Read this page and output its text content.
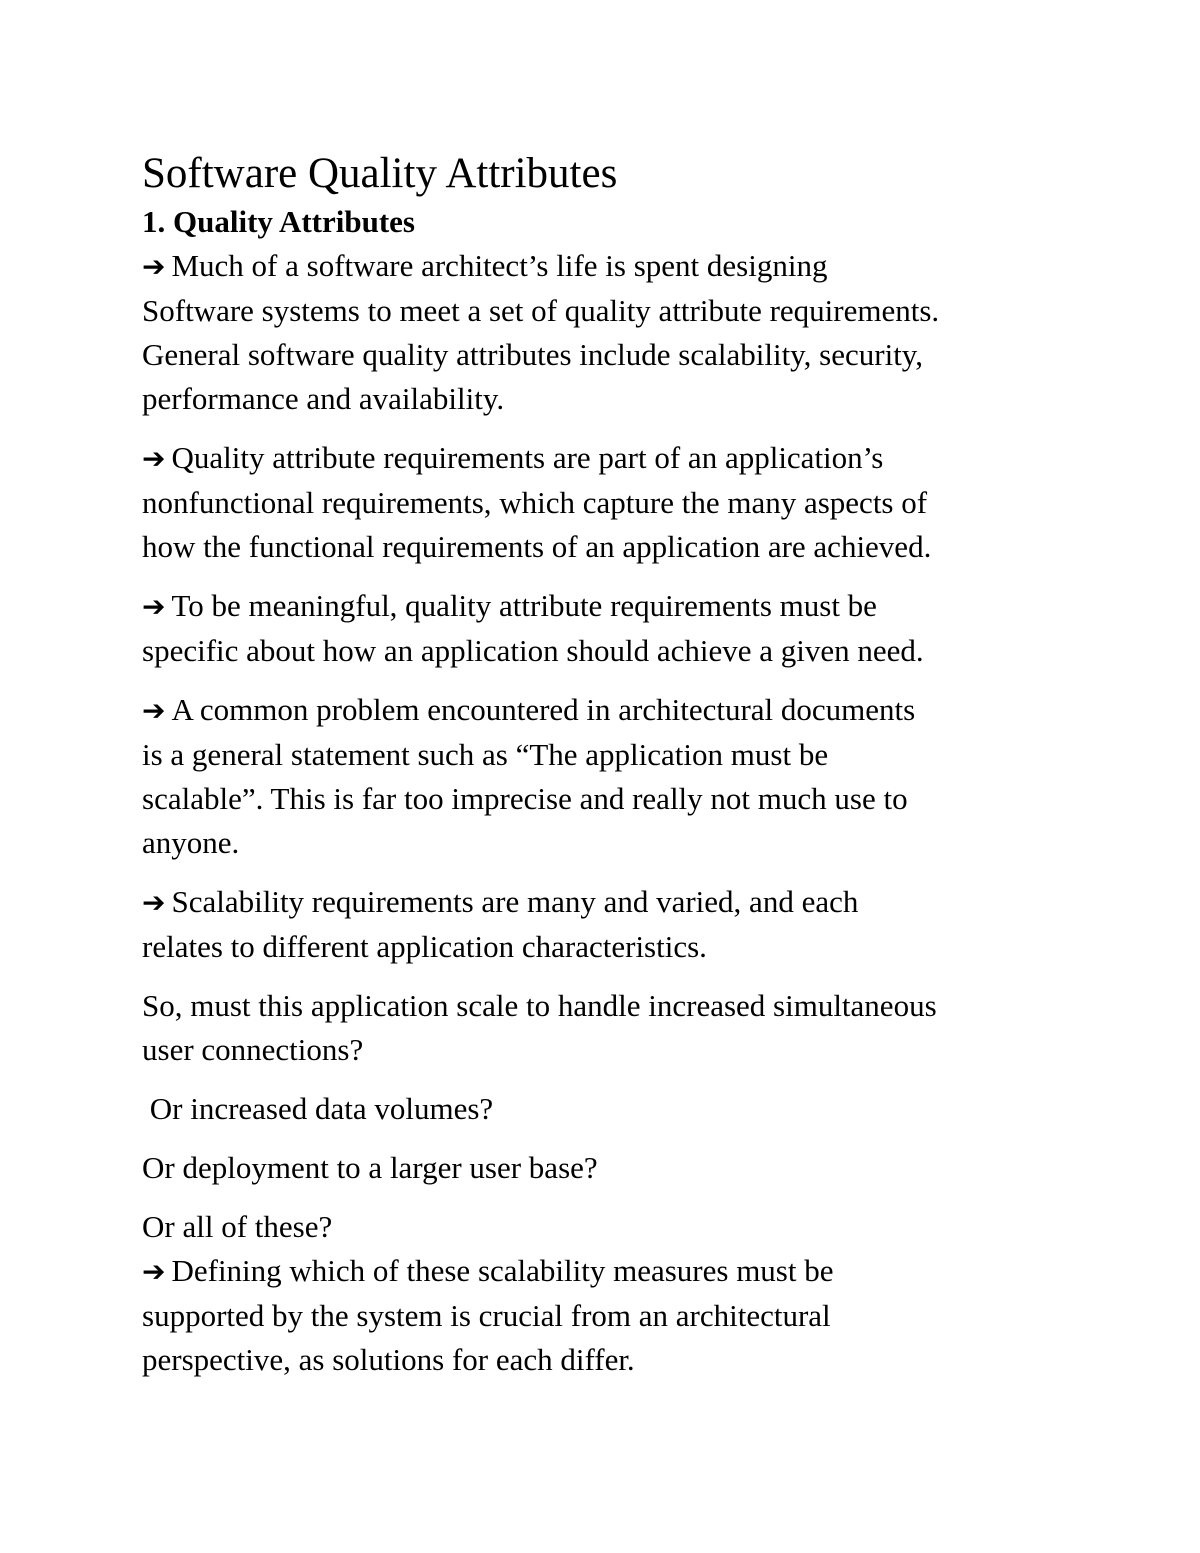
Software Quality Attributes
1. Quality Attributes

➔ Much of a software architect’s life is spent designing
Software systems to meet a set of quality attribute requirements.
General software quality attributes include scalability, security,
performance and availability.

➔ Quality attribute requirements are part of an application’s
nonfunctional requirements, which capture the many aspects of
how the functional requirements of an application are achieved.

➔ To be meaningful, quality attribute requirements must be
specific about how an application should achieve a given need.

➔ A common problem encountered in architectural documents
is a general statement such as “The application must be
scalable”. This is far too imprecise and really not much use to
anyone.

➔ Scalability requirements are many and varied, and each
relates to different application characteristics.

So, must this application scale to handle increased simultaneous
user connections?

Or increased data volumes?

Or deployment to a larger user base?

Or all of these?

➔ Defining which of these scalability measures must be
supported by the system is crucial from an architectural
perspective, as solutions for each differ.
